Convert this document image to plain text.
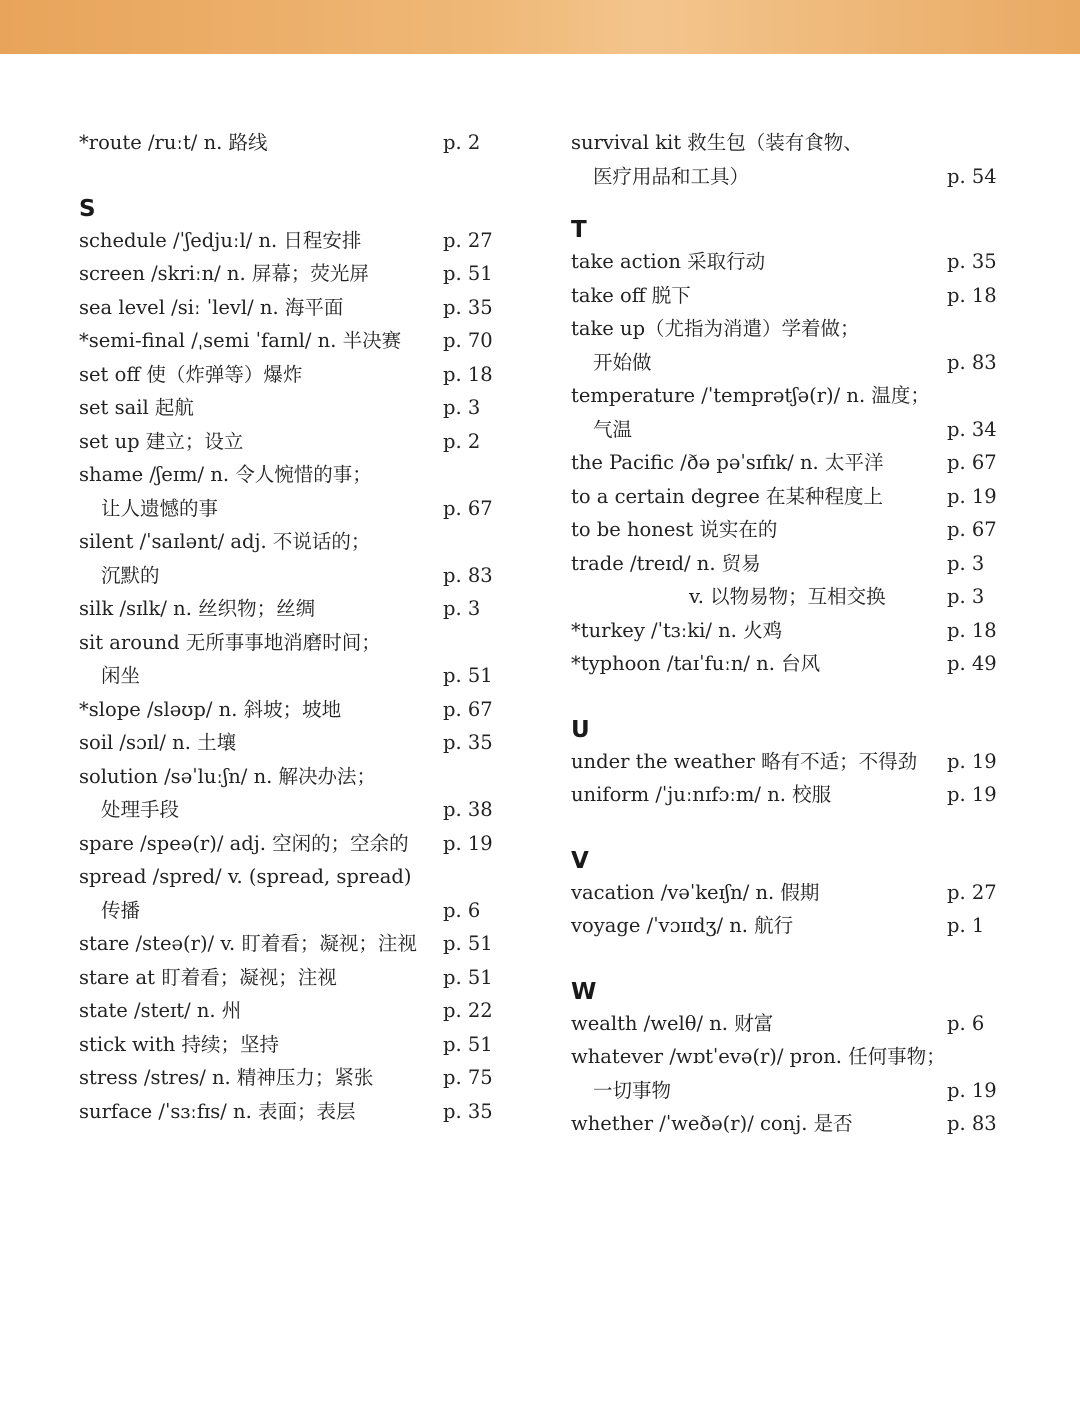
*route /ruːt/ n. 路线	p. 2
S
schedule /ˈʃedjuːl/ n. 日程安排	p. 27
screen /skriːn/ n. 屏幕；荧光屏	p. 51
sea level /siː ˈlevl/ n. 海平面	p. 35
*semi-final /ˌsemi ˈfaɪnl/ n. 半决赛 p. 70
set off 使（炸弹等）爆炸	p. 18
set sail 起航	p. 3
set up 建立；设立	p. 2
shame /ʃeɪm/ n. 令人惋惜的事；
让人遗憾的事	p. 67
silent /ˈsaɪlənt/ adj. 不说话的；
沉默的	p. 83
silk /sɪlk/ n. 丝织物；丝绸	p. 3
sit around 无所事事地消磨时间；
闲坐	p. 51
*slope /sləʊp/ n. 斜坡；坡地	p. 67
soil /sɔɪl/ n. 土壤	p. 35
solution /səˈluːʃn/ n. 解决办法；
处理手段	p. 38
spare /speə(r)/ adj. 空闲的；空余的 p. 19
spread /spred/ v. (spread, spread)
传播	p. 6
stare /steə(r)/ v. 盯着看；凝视；注视 p. 51
stare at 盯着看；凝视；注视	p. 51
state /steɪt/ n. 州	p. 22
stick with 持续；坚持	p. 51
stress /stres/ n. 精神压力；紧张	p. 75
surface /ˈsɜːfɪs/ n. 表面；表层	p. 35
survival kit 救生包（装有食物、
医疗用品和工具）	p. 54
T
take action 采取行动	p. 35
take off 脱下	p. 18
take up（尤指为消遣）学着做；
开始做	p. 83
temperature /ˈtemprətʃə(r)/ n. 温度；
气温	p. 34
the Pacific /ðə pəˈsɪfɪk/ n. 太平洋	p. 67
to a certain degree 在某种程度上	p. 19
to be honest 说实在的	p. 67
trade /treɪd/ n. 贸易	p. 3
v. 以物易物；互相交换	p. 3
*turkey /ˈtɜːki/ n. 火鸡	p. 18
*typhoon /taɪˈfuːn/ n. 台风	p. 49
U
under the weather 略有不适；不得劲 p. 19
uniform /ˈjuːnɪfɔːm/ n. 校服	p. 19
V
vacation /vəˈkeɪʃn/ n. 假期	p. 27
voyage /ˈvɔɪɪdʒ/ n. 航行	p. 1
W
wealth /welθ/ n. 财富	p. 6
whatever /wɒtˈevə(r)/ pron. 任何事物；
一切事物	p. 19
whether /ˈweðə(r)/ conj. 是否	p. 83
